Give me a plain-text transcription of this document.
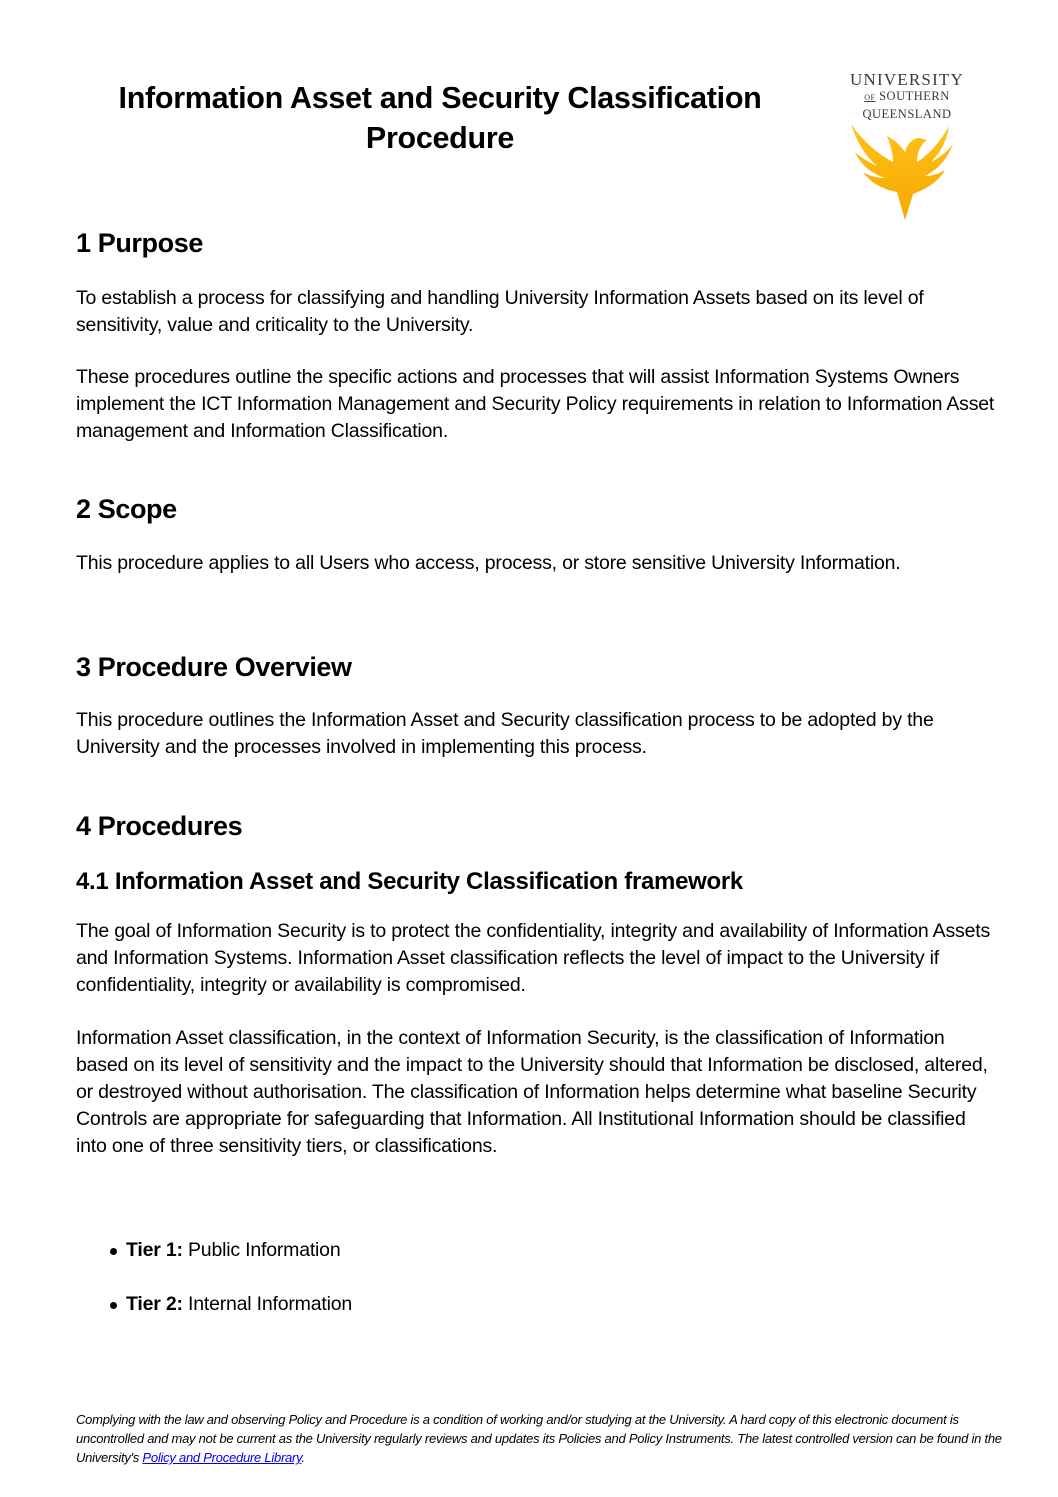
Information Asset and Security Classification
Procedure
UNIVERSITY
OF SOUTHERN
QUEENSLAND
1 Purpose
To establish a process for classifying and handling University Information Assets based on its level of sensitivity, value and criticality to the University.
These procedures outline the specific actions and processes that will assist Information Systems Owners implement the ICT Information Management and Security Policy requirements in relation to Information Asset management and Information Classification.
2 Scope
This procedure applies to all Users who access, process, or store sensitive University Information.
3 Procedure Overview
This procedure outlines the Information Asset and Security classification process to be adopted by the University and the processes involved in implementing this process.
4 Procedures
4.1 Information Asset and Security Classification framework
The goal of Information Security is to protect the confidentiality, integrity and availability of Information Assets and Information Systems. Information Asset classification reflects the level of impact to the University if confidentiality, integrity or availability is compromised.
Information Asset classification, in the context of Information Security, is the classification of Information based on its level of sensitivity and the impact to the University should that Information be disclosed, altered, or destroyed without authorisation. The classification of Information helps determine what baseline Security Controls are appropriate for safeguarding that Information. All Institutional Information should be classified into one of three sensitivity tiers, or classifications.
Tier 1: Public Information
Tier 2: Internal Information
Complying with the law and observing Policy and Procedure is a condition of working and/or studying at the University. A hard copy of this electronic document is uncontrolled and may not be current as the University regularly reviews and updates its Policies and Policy Instruments. The latest controlled version can be found in the University's Policy and Procedure Library.
